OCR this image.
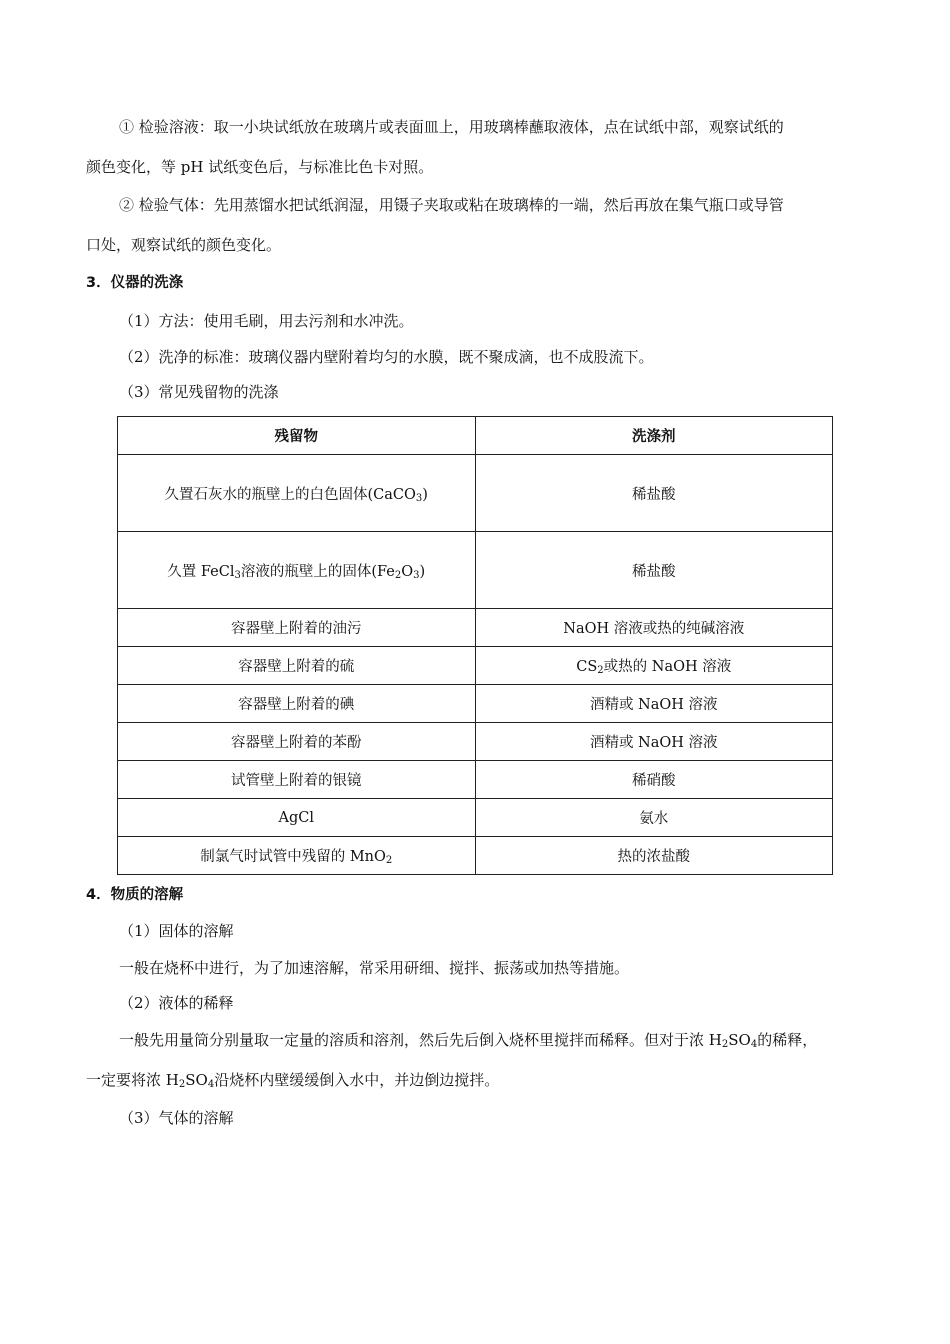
① 检验溶液：取一小块试纸放在玻璃片或表面皿上，用玻璃棒蘸取液体，点在试纸中部，观察试纸的
颜色变化，等 pH 试纸变色后，与标准比色卡对照。
② 检验气体：先用蒸馏水把试纸润湿，用镊子夹取或粘在玻璃棒的一端，然后再放在集气瓶口或导管
口处，观察试纸的颜色变化。
3．仪器的洗涤
（1）方法：使用毛刷，用去污剂和水冲洗。
（2）洗净的标准：玻璃仪器内壁附着均匀的水膜，既不聚成滴，也不成股流下。
（3）常见残留物的洗涤
残留物	洗涤剂
久置石灰水的瓶壁上的白色固体(CaCO$_3$)	稀盐酸
久置 FeCl$_3$溶液的瓶壁上的固体$(Fe_2O_3)$	稀盐酸
容器壁上附着的油污	NaOH 溶液或热的纯碱溶液
容器壁上附着的硫	$CS_2$或热的 NaOH 溶液
容器壁上附着的碘	酒精或 NaOH 溶液
容器壁上附着的苯酚	酒精或 NaOH 溶液
试管壁上附着的银镜	稀硝酸
AgCl	氨水
制氯气时试管中残留的 MnO$_2$	热的浓盐酸
4．物质的溶解
（1）固体的溶解
一般在烧杯中进行，为了加速溶解，常采用研细、搅拌、振荡或加热等措施。
（2）液体的稀释
一般先用量筒分别量取一定量的溶质和溶剂，然后先后倒入烧杯里搅拌而稀释。但对于浓 $H_2SO_4$的稀释，
一定要将浓 $H_2SO_4$沿烧杯内壁缓缓倒入水中，并边倒边搅拌。
（3）气体的溶解
